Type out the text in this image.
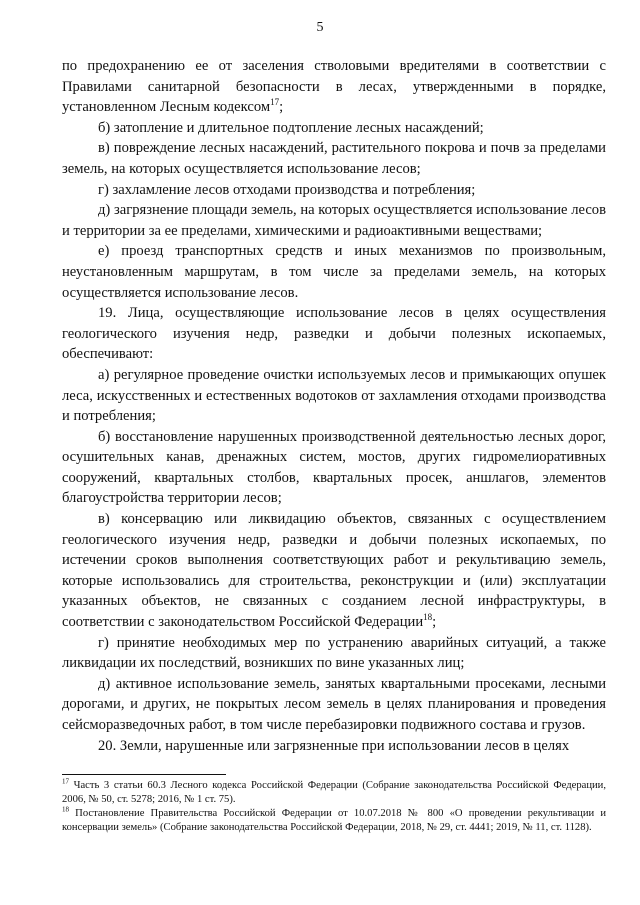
5

по предохранению ее от заселения стволовыми вредителями в соответствии с Правилами санитарной безопасности в лесах, утвержденными в порядке, установленном Лесным кодексом$^{17}$;

б) затопление и длительное подтопление лесных насаждений;

в) повреждение лесных насаждений, растительного покрова и почв за пределами земель, на которых осуществляется использование лесов;

г) захламление лесов отходами производства и потребления;

д) загрязнение площади земель, на которых осуществляется использование лесов и территории за ее пределами, химическими и радиоактивными веществами;

е) проезд транспортных средств и иных механизмов по произвольным, неустановленным маршрутам, в том числе за пределами земель, на которых осуществляется использование лесов.

19. Лица, осуществляющие использование лесов в целях осуществления геологического изучения недр, разведки и добычи полезных ископаемых, обеспечивают:

а) регулярное проведение очистки используемых лесов и примыкающих опушек леса, искусственных и естественных водотоков от захламления отходами производства и потребления;

б) восстановление нарушенных производственной деятельностью лесных дорог, осушительных канав, дренажных систем, мостов, других гидромелиоративных сооружений, квартальных столбов, квартальных просек, аншлагов, элементов благоустройства территории лесов;

в) консервацию или ликвидацию объектов, связанных с осуществлением геологического изучения недр, разведки и добычи полезных ископаемых, по истечении сроков выполнения соответствующих работ и рекультивацию земель, которые использовались для строительства, реконструкции и (или) эксплуатации указанных объектов, не связанных с созданием лесной инфраструктуры, в соответствии с законодательством Российской Федерации$^{18}$;

г) принятие необходимых мер по устранению аварийных ситуаций, а также ликвидации их последствий, возникших по вине указанных лиц;

д) активное использование земель, занятых квартальными просеками, лесными дорогами, и других, не покрытых лесом земель в целях планирования и проведения сейсморазведочных работ, в том числе перебазировки подвижного состава и грузов.

20. Земли, нарушенные или загрязненные при использовании лесов в целях

$^{17}$ Часть 3 статьи 60.3 Лесного кодекса Российской Федерации (Собрание законодательства Российской Федерации, 2006, № 50, ст. 5278; 2016, № 1 ст. 75).

$^{18}$ Постановление Правительства Российской Федерации от 10.07.2018 № 800 «О проведении рекультивации и консервации земель» (Собрание законодательства Российской Федерации, 2018, № 29, ст. 4441; 2019, № 11, ст. 1128).
